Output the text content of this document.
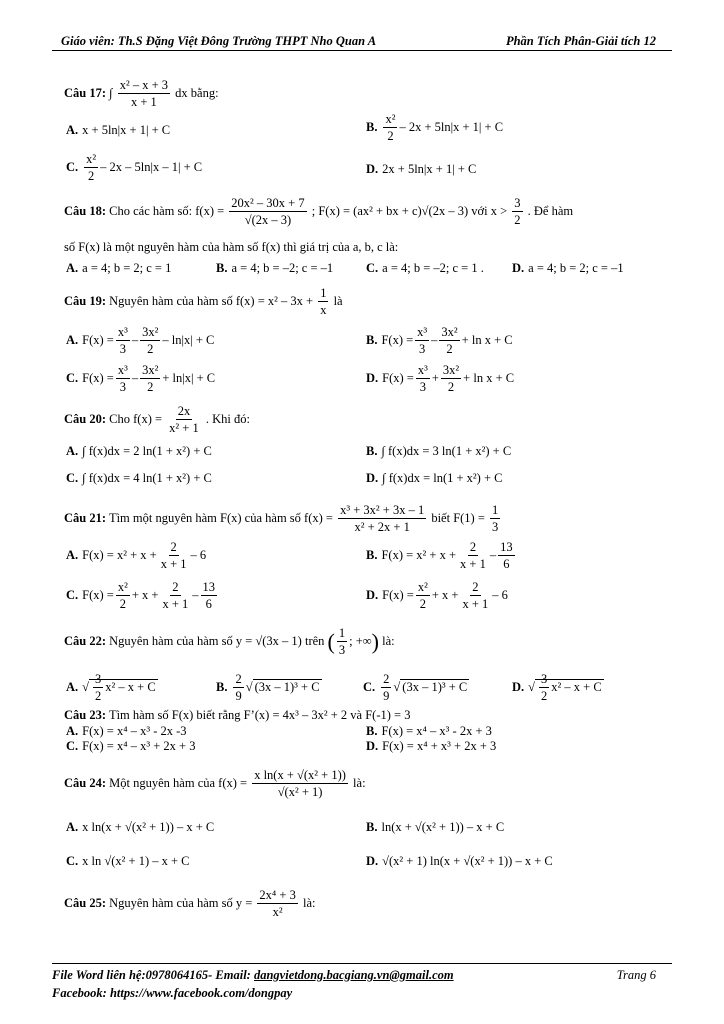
Giáo viên: Th.S Đặng Việt Đông Trường THPT Nho Quan A	Phần Tích Phân-Giải tích 12
Câu 17: ∫ $\frac{\text{x² – x + 3}}{x + 1}$ dx bằng:
A. x + 5ln|x + 1| + C	B. $\frac{\text{x²}}{2} - 2x + 5\ln|x + 1| + C$
C. $\frac{\text{x²}}{2} - 2x - 5\ln|x - 1| + C$	D. 2x + 5ln|x + 1| + C
Câu 18: Cho các hàm số: $f(x) = \frac{\text{20x² – 30x + 7}}{√(2x - 3)}$ ; F(x) = (ax² + bx + c)√(2x – 3) với $x > \frac{3}{2}$ . Để hàm
số F(x) là một nguyên hàm của hàm số f(x) thì giá trị của a, b, c là:
A. a = 4; b = 2; c = 1	B. a = 4; b = –2; c = –1	C. a = 4; b = –2; c = 1 . D. a = 4; b = 2; c = –1
Câu 19: Nguyên hàm của hàm số $f(x) = x^2 - 3x + \frac{1}{x}$ là
A. $F(x) = \frac{\text{x³}}{3} - \frac{\text{3x²}}{2} - \ln|x| + C$	B. $F(x) = \frac{\text{x³}}{3} - \frac{\text{3x²}}{2} + \ln x + C$
C. $F(x) = \frac{\text{x³}}{3} - \frac{\text{3x²}}{2} + \ln|x| + C$	D. $F(x) = \frac{\text{x³}}{3} + \frac{\text{3x²}}{2} + \ln x + C$
Câu 20: Cho $f(x) = \frac{2x}{\text{x² + 1}}$ . Khi đó:
A. ∫ f(x)dx = 2 ln(1 + x²) + C	B. ∫ f(x)dx = 3 ln(1 + x²) + C
C. ∫ f(x)dx = 4 ln(1 + x²) + C	D. ∫ f(x)dx = ln(1 + x²) + C
Câu 21: Tìm một nguyên hàm F(x) của hàm số $f(x) = \frac{\text{x³ + 3x² + 3x – 1}}{\text{x² + 2x + 1}}$ biết $F(1) = \frac{1}{3}$
A. $F(x) = x^2 + x + \frac{2}{x + 1} - 6$	B. $F(x) = x^2 + x + \frac{2}{x + 1} - \frac{13}{6}$
C. $F(x) = \frac{\text{x²}}{2} + x + \frac{2}{x + 1} - \frac{13}{6}$	D. $F(x) = \frac{\text{x²}}{2} + x + \frac{2}{x + 1} - 6$
Câu 22: Nguyên hàm của hàm số y = √(3x – 1) trên ( $\frac{1}{3}$ ; +∞) là:
$A.√ \frac{3}{2} x^2 - x + C$	B. $\frac{2}{9}$ √ (3x – 1)³ + C	C. $\frac{2}{9}$ √ (3x – 1)³ + C	$D.√ \frac{3}{2} x^2 - x + C$
Câu 23: Tìm hàm số F(x) biết rằng F’(x) = 4x³ – 3x² + 2 và F(-1) = 3
A. F(x) = x⁴ – x³ - 2x -3	B. F(x) = x⁴ – x³ - 2x + 3
C. F(x) = x⁴ – x³ + 2x + 3	D. F(x) = x⁴ + x³ + 2x + 3
Câu 24: Một nguyên hàm của $f(x) = \frac{\text{x ln(x + √(x² + 1))}}{\text{√(x² + 1)}}$ là:
A. x ln(x + √(x² + 1)) – x + C	B. ln(x + √(x² + 1)) – x + C
C. x ln √(x² + 1) – x + C	D. √(x² + 1) ln(x + √(x² + 1)) – x + C
Câu 25: Nguyên hàm của hàm số $y = \frac{\text{2x⁴ + 3}}{\text{x²}}$ là:
File Word liên hệ:0978064165- Email: dangvietdong.bacgiang.vn@gmail.com
Facebook: https://www.facebook.com/dongpay
Trang 6
